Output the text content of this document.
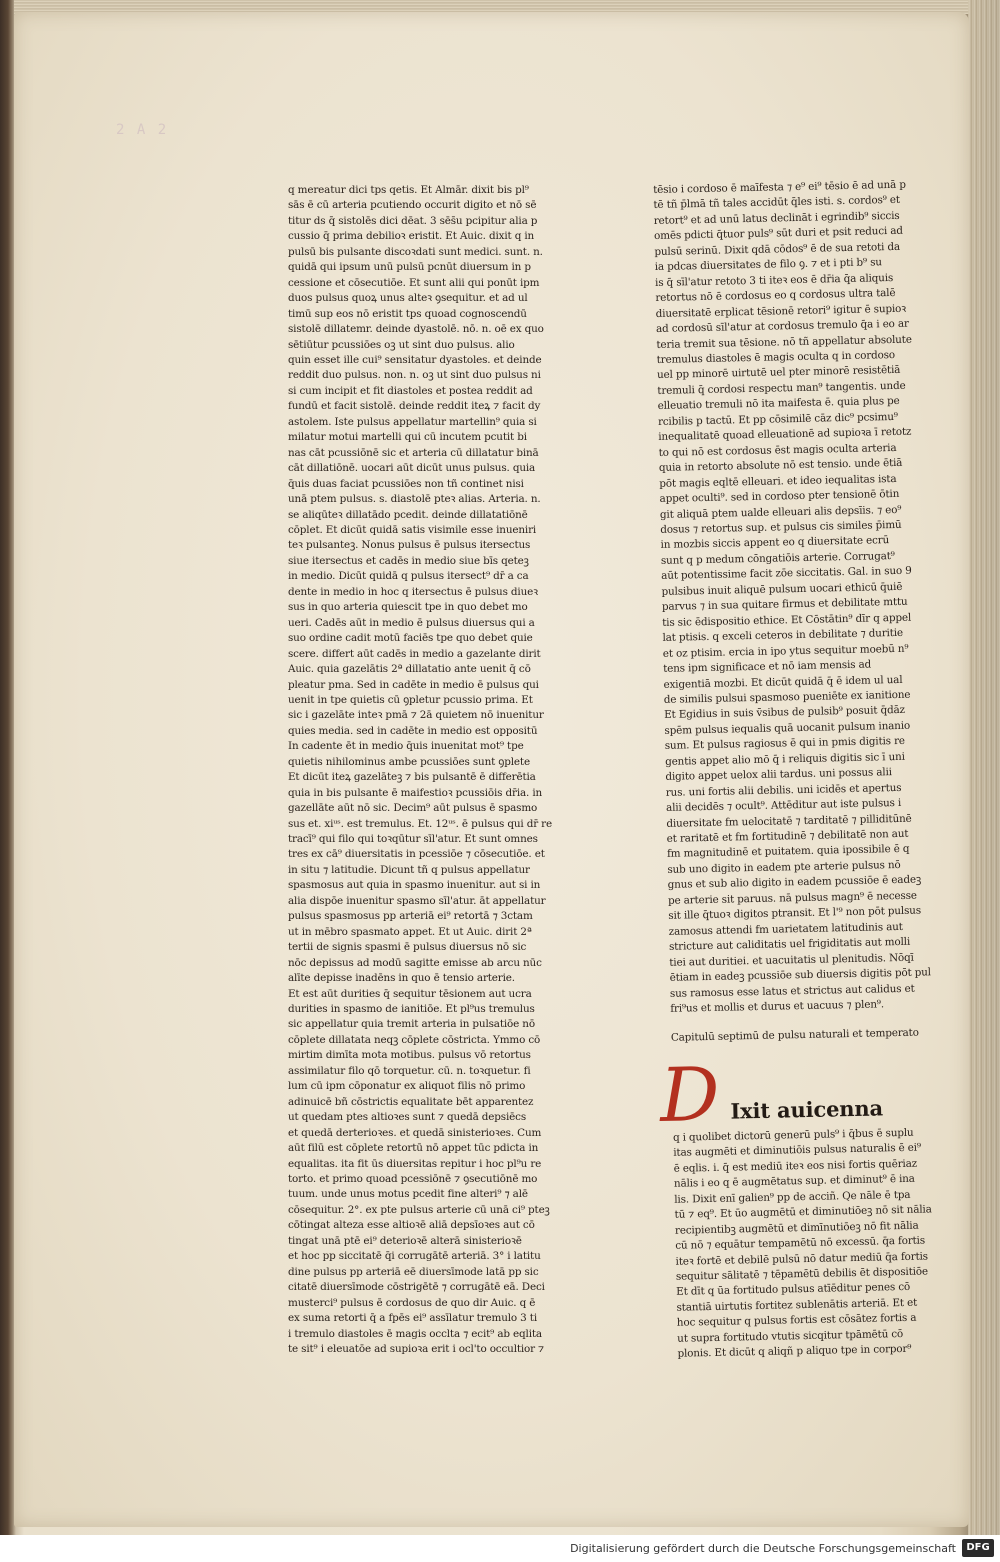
2 A 2
q mereatur dici tps qetis. Et Almār. dixit bis pl⁹
sās ē cū arteria pcutiendo occurit digito et nō sē
titur ds q̄ sistolēs dici dēat. 3 sēs̄u pcipitur alia p
cussio q̄ prima debilioꝛ eristit. Et Auic. dixit q in
pulsū bis pulsante discoꝛdati sunt medici. sunt. n.
quidā qui ipsum unū pulsū pcnūt diuersum in p
cessione et cōsecutiōe. Et sunt alii qui ponūt ipm
duos pulsus quoꝝ unus alteꝛ ꝯsequitur. et ad ul
timū sup eos nō eristit tps quoad cognoscendū
sistolē dillatemr. deinde dyastolē. nō. n. oē ex quo
sētiūtur pcussiōes oꝫ ut sint duo pulsus. alio
quin esset ille cui⁹ sensitatur dyastoles. et deinde
reddit duo pulsus. non. n. oꝫ ut sint duo pulsus ni
si cum incipit et fit diastoles et postea reddit ad
fundū et facit sistolē. deinde reddit iteꝝ ⁊ facit dy
astolem. Iste pulsus appellatur martellin⁹ quia si
milatur motui martelli qui cū incutem pcutit bi
nas cāt pcussiōnē sic et arteria cū dillatatur binā
cāt dillatiōnē. uocari aūt dicūt unus pulsus. quia
q̄uis duas faciat pcussiōes non tñ continet nisi
unā ptem pulsus. s. diastolē pteꝛ alias. Arteria. n.
se aliqūteꝛ dillatādo pcedit. deinde dillatatiōnē
cōplet. Et dicūt quidā satis visimile esse inueniri
teꝛ pulsanteꝫ. Nonus pulsus ē pulsus itersectus
siue itersectus et cadēs in medio siue bīs qeteꝫ
in medio. Dicūt quidā q pulsus itersect⁹ dr̄ a ca
dente in medio in hoc q itersectus ē pulsus diueꝛ
sus in quo arteria quiescit tpe in quo debet mo
ueri. Cadēs aūt in medio ē pulsus diuersus qui a
suo ordine cadit motū faciēs tpe quo debet quie
scere. differt aūt cadēs in medio a gazelante dirit
Auic. quia gazelātis 2ª dillatatio ante uenit q̄ cō
pleatur pma. Sed in cadēte in medio ē pulsus qui
uenit in tpe quietis cū ꝯpletur pcussio prima. Et
sic i gazelāte inteꝛ pmā ⁊ 2ā quietem nō inuenitur
quies media. sed in cadēte in medio est oppositū
In cadente ēt in medio q̄uis inuenitat mot⁹ tpe
quietis nihilominus ambe pcussiōes sunt ꝯplete
Et dicūt iteꝝ gazelāteꝫ ⁊ bis pulsantē ē differētia
quia in bis pulsante ē maifestioꝛ pcussiōis dr̄ia. in
gazellāte aūt nō sic. Decim⁹ aūt pulsus ē spasmo
sus et. xiᵘˢ. est tremulus. Et. 12ᵘˢ. ē pulsus qui dr̄ re
tracī⁹ qui filo qui toꝛqūtur sīl'atur. Et sunt omnes
tres ex cā⁹ diuersitatis in pcessiōe ⁊ cōsecutiōe. et
in situ ⁊ latitudie. Dicunt tñ q pulsus appellatur
spasmosus aut quia in spasmo inuenitur. aut si in
alia dispōe inuenitur spasmo sīl'atur. āt appellatur
pulsus spasmosus pp arteriā ei⁹ retortā ⁊ 3ctam
ut in mēbro spasmato appet. Et ut Auic. dirit 2ª
tertii de signis spasmi ē pulsus diuersus nō sic
nōc depissus ad modū sagitte emisse ab arcu nūc
alīte depisse inadēns in quo ē tensio arterie.
Et est aūt durities q̄ sequitur tēsionem aut ucra
durities in spasmo de ianitiōe. Et pl⁹us tremulus
sic appellatur quia tremit arteria in pulsatiōe nō
cōplete dillatata neqꝫ cōplete cōstricta. Ymmo cō
mirtim dimīta mota motibus. pulsus vō retortus
assimilatur filo qō torquetur. cū. n. toꝛquetur. fi
lum cū ipm cōponatur ex aliquot filis nō primo
adinuicē bñ cōstrictis equalitate bēt apparentez
ut quedam ptes altioꝛes sunt ⁊ quedā depsiēcs
et quedā derterioꝛes. et quedā sinisterioꝛes. Cum
aūt filū est cōplete retortū nō appet tūc pdicta in
equalitas. ita fit ūs diuersitas repitur i hoc pl⁹u re
torto. et primo quoad pcessiōnē ⁊ ꝯsecutiōnē mo
tuum. unde unus motus pcedit fine alteri⁹ ⁊ alē
cōsequitur. 2°. ex pte pulsus arterie cū unā ci⁹ pteꝫ
cōtingat alteza esse altioꝛē aliā depsīoꝛes aut cō
tingat unā ptē ei⁹ deterioꝛē alterā sinisterioꝛē
et hoc pp siccitatē q̄i corrugātē arteriā. 3° i latitu
dine pulsus pp arteriā eē diuersīmode latā pp sic
citatē diuersīmode cōstrigētē ⁊ corrugātē eā. Deci
musterci⁹ pulsus ē cordosus de quo dir Auic. q ē
ex suma retorti q̄ a fpēs ei⁹ assīlatur tremulo 3 ti
i tremulo diastoles ē magis occlta ⁊ ecit⁹ ab eqlita
te sit⁹ i eleuatōe ad supioꝛa erit i ocl'to occultior ⁊
tēsio i cordoso ē maīfesta ⁊ e⁹ ei⁹ tēsio ē ad unā p
tē tñ p̄lmā tñ tales accidūt q̄les isti. s. cordos⁹ et
retort⁹ et ad unū latus declināt i egrindib⁹ siccis
omēs pdicti q̄tuor puls⁹ sūt duri et psit reduci ad
pulsū serinū. Dixit qdā cōdos⁹ ē de sua retoti da
ia pdcas diuersitates de filo ꝯ. ⁊ et i pti b⁹ su
is q̄ sīl'atur retoto 3 ti iteꝛ eos ē dr̄ia q̄a aliquis
retortus nō ē cordosus eo q cordosus ultra talē
diuersitatē erplicat tēsionē retori⁹ igitur ē supioꝛ
ad cordosū sīl'atur at cordosus tremulo q̄a i eo ar
teria tremit sua tēsione. nō tñ appellatur absolute
tremulus diastoles ē magis oculta q in cordoso
uel pp minorē uirtutē uel pter minorē resistētiā
tremuli q̄ cordosi respectu man⁹ tangentis. unde
elleuatio tremuli nō ita maifesta ē. quia plus pe
rcibilis p tactū. Et pp cōsimilē cāz dic⁹ pcsimu⁹
inequalitatē quoad elleuationē ad supioꝛa ī retotz
to qui nō est cordosus ēst magis oculta arteria
quia in retorto absolute nō est tensio. unde ētiā
pōt magis eqltē elleuari. et ideo iequalitas ista
appet oculti⁹. sed in cordoso pter tensionē ōtin
git aliquā ptem ualde elleuari alis depsīis. ⁊ eo⁹
dosus ⁊ retortus sup. et pulsus cis similes p̄imū
in mozbis siccis appent eo q diuersitate ecrū
sunt q p medum cōngatiōis arterie. Corrugat⁹
aūt potentissime facit zōe siccitatis. Gal. in suo 9
pulsibus inuit aliquē pulsum uocari ethicū q̄uiē
parvus ⁊ in sua quitare firmus et debilitate mttu
tis sic ēdispositio ethice. Et Cōstātin⁹ dīr q appel
lat ptisis. q exceli ceteros in debilitate ⁊ duritie
et oz ptisim. ercia in ipo ytus sequitur moebū n⁹
tens ipm significace et nō iam mensis ad
exigentiā mozbi. Et dicūt quidā q̄ ē idem ul ual
de similis pulsui spasmoso pueniēte ex ianitione
Et Egidius in suis v̄sibus de pulsib⁹ posuit q̄dāz
spēm pulsus iequalis quā uocanit pulsum inanio
sum. Et pulsus ragiosus ē qui in pmis digitis re
gentis appet alio mō q̄ i reliquis digitis sic ī uni
digito appet uelox alii tardus. uni possus alii
rus. uni fortis alii debilis. uni icidēs et apertus
alii decidēs ⁊ ocult⁹. Attēditur aut iste pulsus i
diuersitate fm uelocitatē ⁊ tarditatē ⁊ pilliditūnē
et raritatē et fm fortitudinē ⁊ debilitatē non aut
fm magnitudinē et puitatem. quia ipossibile ē q
sub uno digito in eadem pte arterie pulsus nō
gnus et sub alio digito in eadem pcussiōe ē eadeꝫ
pe arterie sit paruus. nā pulsus magn⁹ ē necesse
sit ille q̄tuoꝛ digitos ptransit. Et l'⁹ non pōt pulsus
zamosus attendi fm uarietatem latitudinis aut
stricture aut caliditatis uel frigiditatis aut molli
tiei aut duritiei. et uacuitatis ul plenitudis. Nōqī
ētiam in eadeꝫ pcussiōe sub diuersis digitis pōt pul
sus ramosus esse latus et strictus aut calidus et
fri⁹us et mollis et durus et uacuus ⁊ plen⁹.
Capitulū septimū de pulsu naturali et temperato
D Ixit auicenna
q i quolibet dictorū generū puls⁹ i q̄bus ē suplu
itas augmēti et diminutiōis pulsus naturalis ē ei⁹
ē eqlis. i. q̄ est mediū iteꝛ eos nisi fortis quēriaz
nālis i eo q ē augmētatus sup. et diminut⁹ ē ina
lis. Dixit enī galien⁹ pp de acciñ. Qe nāle ē tpa
tū ⁊ eq⁹. Et ūo augmētū et diminutiōeꝫ nō sit nālia
recipientibꝫ augmētū et dimīnutiōeꝫ nō fit nālia
cū nō ⁊ equātur tempamētū nō excessū. q̄a fortis
iteꝛ fortē et debilē pulsū nō datur mediū q̄a fortis
sequitur sālitatē ⁊ tēpamētū debilis ēt dispositiōe
Et dīt q ūa fortitudo pulsus atīēditur penes cō
stantiā uirtutis fortitez sublenātis arteriā. Et et
hoc sequitur q pulsus fortis est cōsātez fortis a
ut supra fortitudo vtutis sicqitur tpāmētū cō
plonis. Et dicūt q aliqñ p aliquo tpe in corpor⁹
Digitalisierung gefördert durch die Deutsche Forschungsgemeinschaft	DFG
